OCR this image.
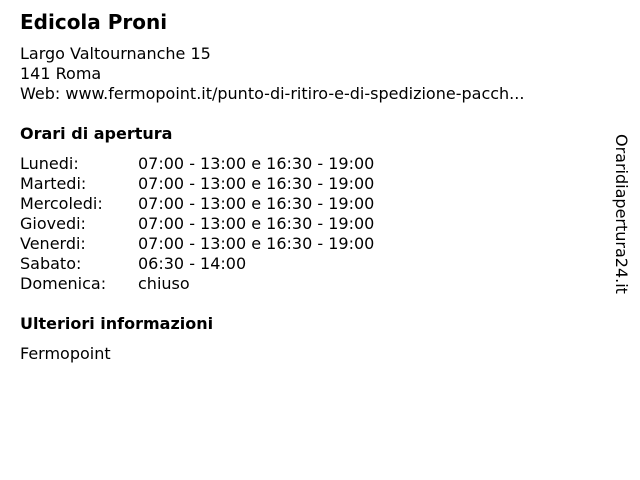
Edicola Proni
Largo Valtournanche 15
141 Roma
Web: www.fermopoint.it/punto-di-ritiro-e-di-spedizione-pacch...
Orari di apertura
Lunedi:	07:00 - 13:00 e 16:30 - 19:00
Martedi:	07:00 - 13:00 e 16:30 - 19:00
Mercoledi: 07:00 - 13:00 e 16:30 - 19:00
Giovedi:	07:00 - 13:00 e 16:30 - 19:00
Venerdi:	07:00 - 13:00 e 16:30 - 19:00
Sabato:	06:30 - 14:00
Domenica: chiuso
Ulteriori informazioni
Fermopoint
Oraridiapertura24.it
